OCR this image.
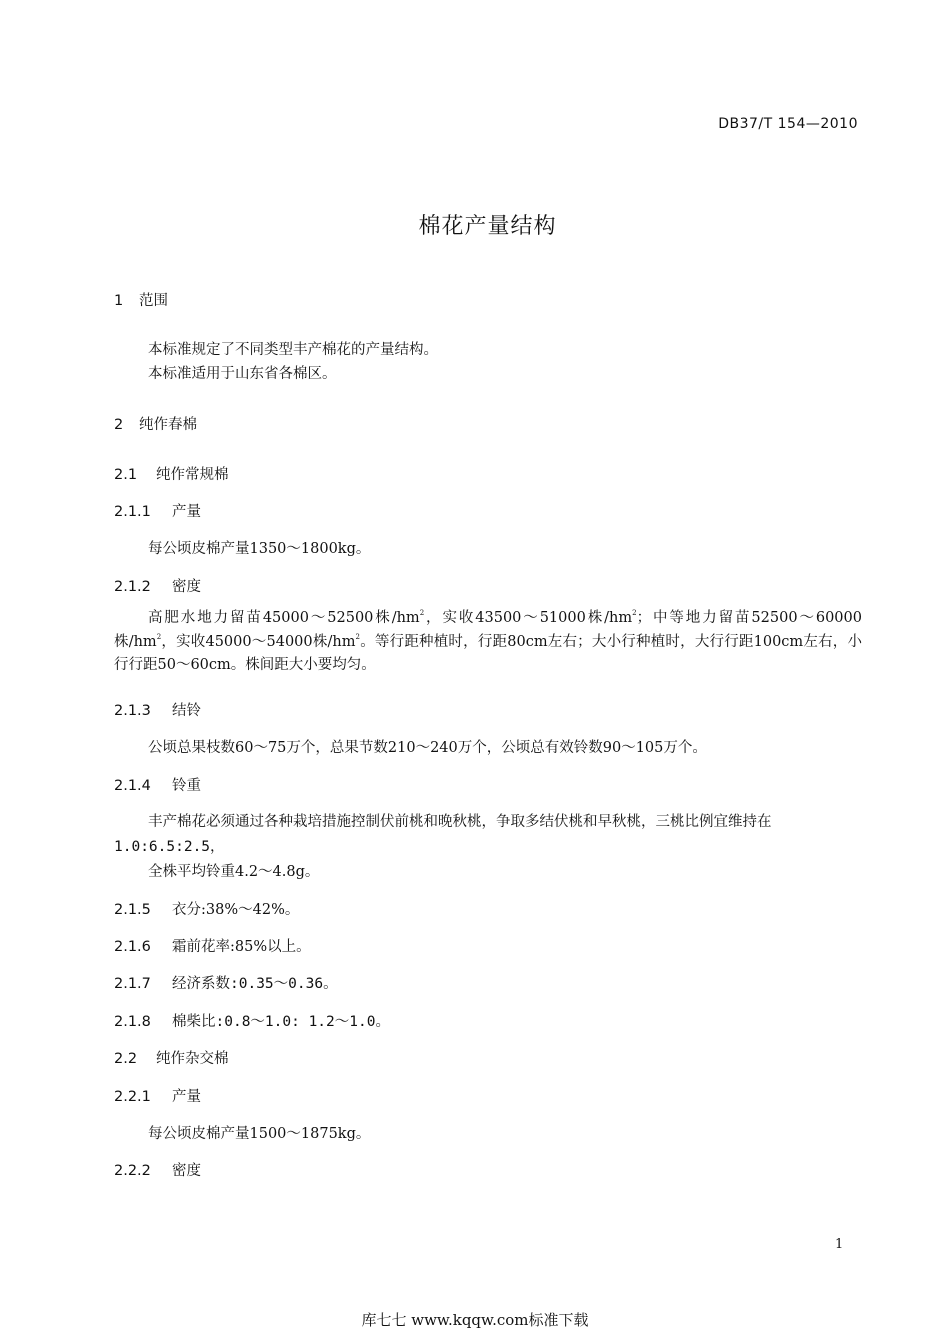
DB37/T 154—2010
棉花产量结构
1 范围
本标准规定了不同类型丰产棉花的产量结构。
本标准适用于山东省各棉区。
2 纯作春棉
2.1 纯作常规棉
2.1.1 产量
每公顷皮棉产量1350～1800kg。
2.1.2 密度
高肥水地力留苗45000～52500株$/hm^2$，实收43500～51000株$/hm^2$；中等地力留苗52500～60000株$/hm^2$，实收45000～54000株$/hm^2$。等行距种植时，行距80cm左右；大小行种植时，大行行距100cm左右，小行行距50～60cm。株间距大小要均匀。
2.1.3 结铃
公顷总果枝数60～75万个，总果节数210～240万个，公顷总有效铃数90～105万个。
2.1.4 铃重
丰产棉花必须通过各种栽培措施控制伏前桃和晚秋桃，争取多结伏桃和早秋桃，三桃比例宜维持在
1.0:6.5:2.5，
全株平均铃重4.2～4.8g。
2.1.5 衣分:38%～42%。
2.1.6 霜前花率:85%以上。
2.1.7 经济系数:0.35～0.36。
2.1.8 棉柴比:0.8～1.0: 1.2～1.0。
2.2 纯作杂交棉
2.2.1 产量
每公顷皮棉产量1500～1875kg。
2.2.2 密度
1
库七七 www.kqqw.com标准下载
